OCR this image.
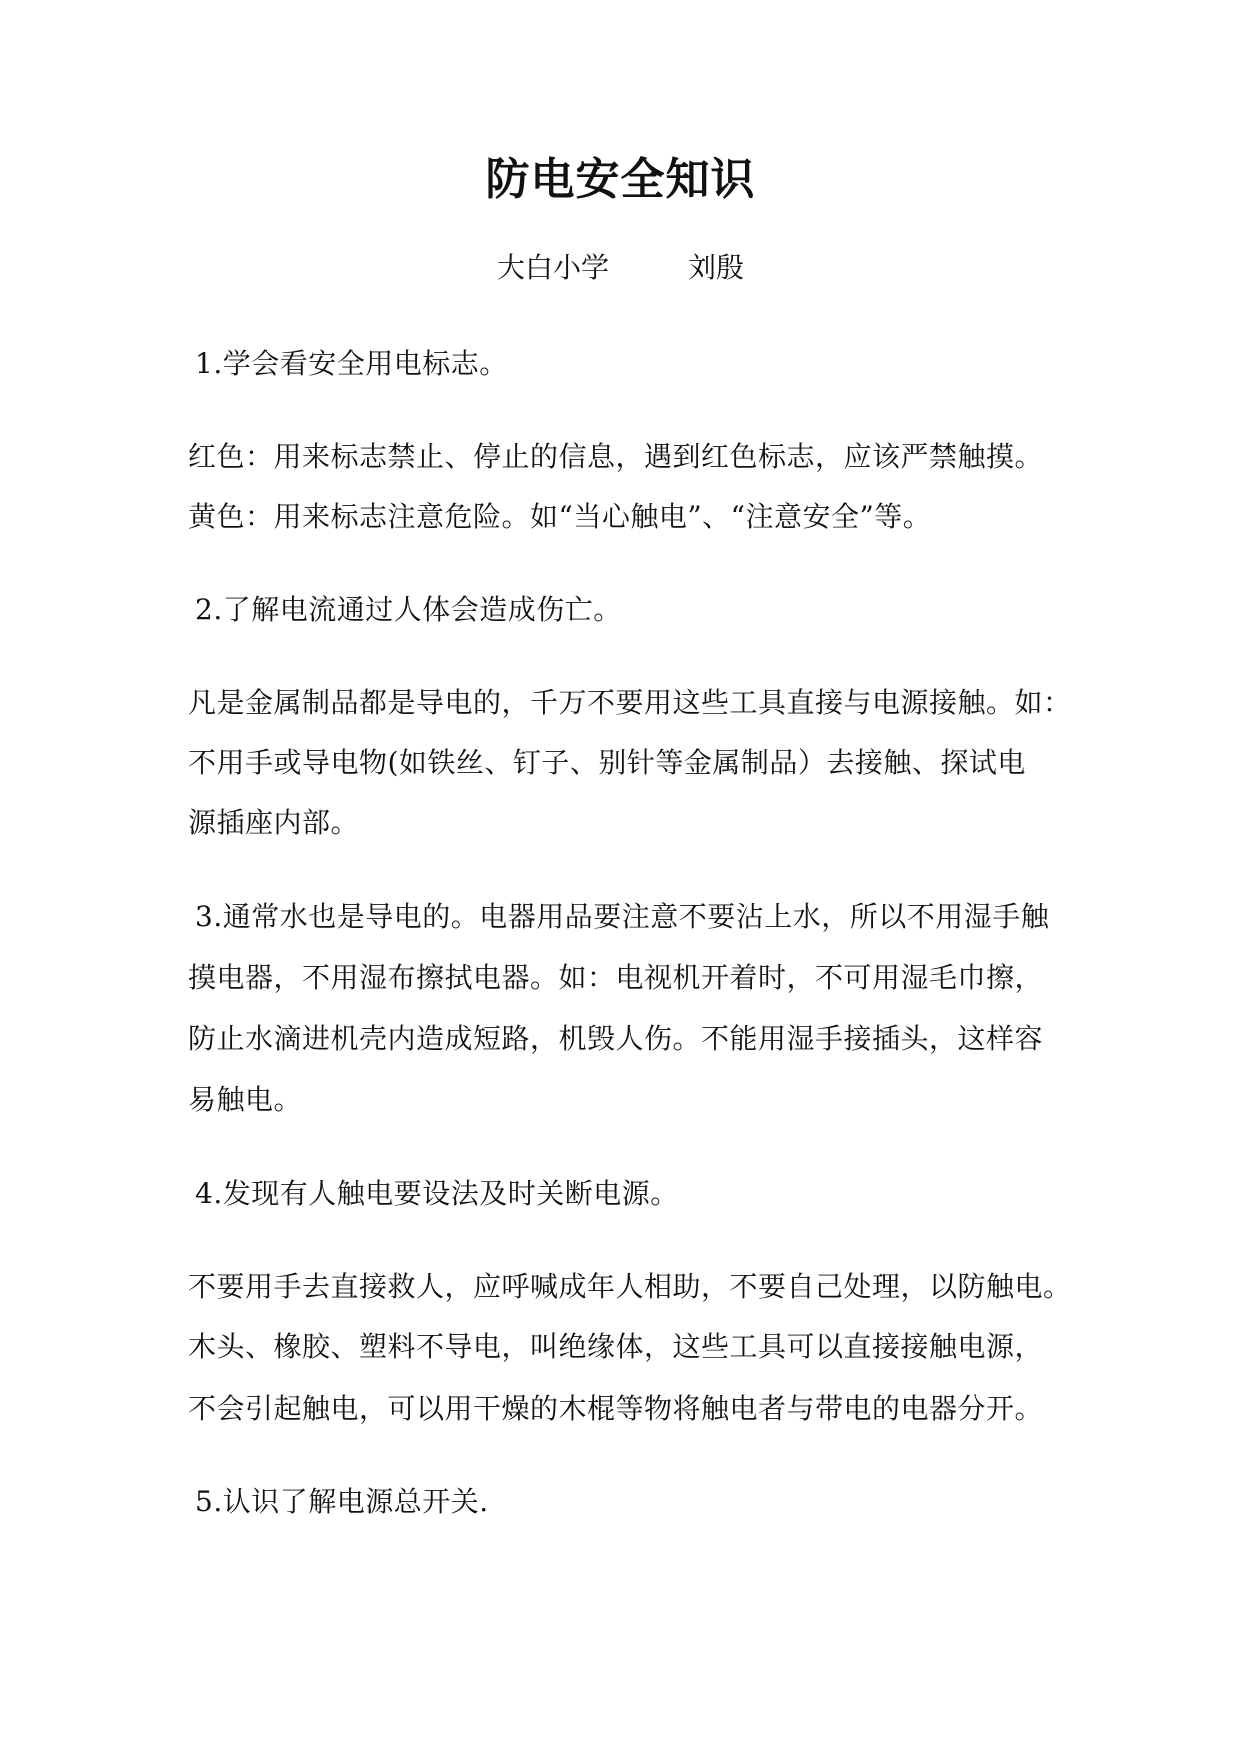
防电安全知识
大白小学	刘殷
1.学会看安全用电标志。
红色：用来标志禁止、停止的信息，遇到红色标志，应该严禁触摸。
黄色：用来标志注意危险。如“当心触电”、“注意安全”等。
2.了解电流通过人体会造成伤亡。
凡是金属制品都是导电的，千万不要用这些工具直接与电源接触。如：
不用手或导电物(如铁丝、钉子、别针等金属制品）去接触、探试电
源插座内部。
3.通常水也是导电的。电器用品要注意不要沾上水，所以不用湿手触
摸电器，不用湿布擦拭电器。如：电视机开着时，不可用湿毛巾擦，
防止水滴进机壳内造成短路，机毁人伤。不能用湿手接插头，这样容
易触电。
4.发现有人触电要设法及时关断电源。
不要用手去直接救人，应呼喊成年人相助，不要自己处理，以防触电。
木头、橡胶、塑料不导电，叫绝缘体，这些工具可以直接接触电源，
不会引起触电，可以用干燥的木棍等物将触电者与带电的电器分开。
5.认识了解电源总开关.
